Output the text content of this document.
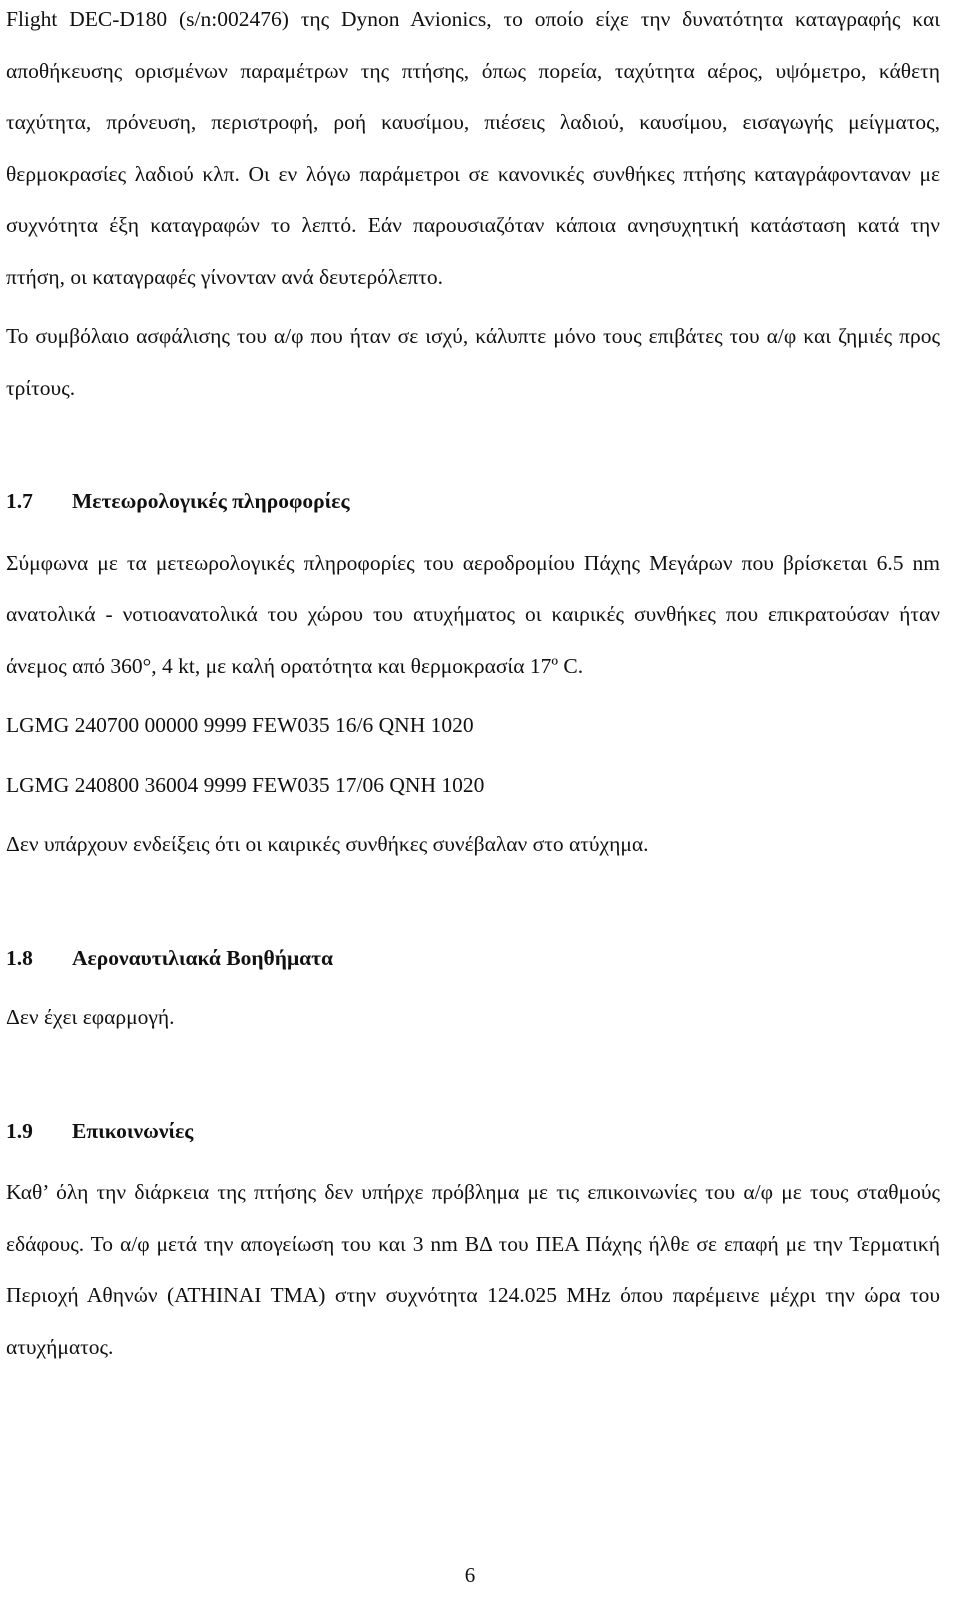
Flight DEC-D180 (s/n:002476) της Dynon Avionics, το οποίο είχε την δυνατότητα καταγραφής και αποθήκευσης ορισμένων παραμέτρων της πτήσης, όπως πορεία, ταχύτητα αέρος, υψόμετρο, κάθετη ταχύτητα, πρόνευση, περιστροφή, ροή καυσίμου, πιέσεις λαδιού, καυσίμου, εισαγωγής μείγματος, θερμοκρασίες λαδιού κλπ. Οι εν λόγω παράμετροι σε κανονικές συνθήκες πτήσης καταγράφονταναν με συχνότητα έξη καταγραφών το λεπτό. Εάν παρουσιαζόταν κάποια ανησυχητική κατάσταση κατά την πτήση, οι καταγραφές γίνονταν ανά δευτερόλεπτο.

Το συμβόλαιο ασφάλισης του α/φ που ήταν σε ισχύ, κάλυπτε μόνο τους επιβάτες του α/φ και ζημιές προς τρίτους.

1.7	Μετεωρολογικές πληροφορίες

Σύμφωνα με τα μετεωρολογικές πληροφορίες του αεροδρομίου Πάχης Μεγάρων που βρίσκεται 6.5 nm ανατολικά - νοτιοανατολικά του χώρου του ατυχήματος οι καιρικές συνθήκες που επικρατούσαν ήταν άνεμος από 360°, 4 kt, με καλή ορατότητα και θερμοκρασία 17º C.

LGMG 240700 00000 9999 FEW035 16/6 QNH 1020

LGMG 240800 36004 9999 FEW035 17/06 QNH 1020

Δεν υπάρχουν ενδείξεις ότι οι καιρικές συνθήκες συνέβαλαν στο ατύχημα.

1.8	Αεροναυτιλιακά Βοηθήματα

Δεν έχει εφαρμογή.

1.9	Επικοινωνίες

Καθ’ όλη την διάρκεια της πτήσης δεν υπήρχε πρόβλημα με τις επικοινωνίες του α/φ με τους σταθμούς εδάφους. Το α/φ μετά την απογείωση του και 3 nm ΒΔ του ΠΕΑ Πάχης ήλθε σε επαφή με την Τερματική Περιοχή Αθηνών (ATHINAI TMA) στην συχνότητα 124.025 MHz όπου παρέμεινε μέχρι την ώρα του ατυχήματος.

6
